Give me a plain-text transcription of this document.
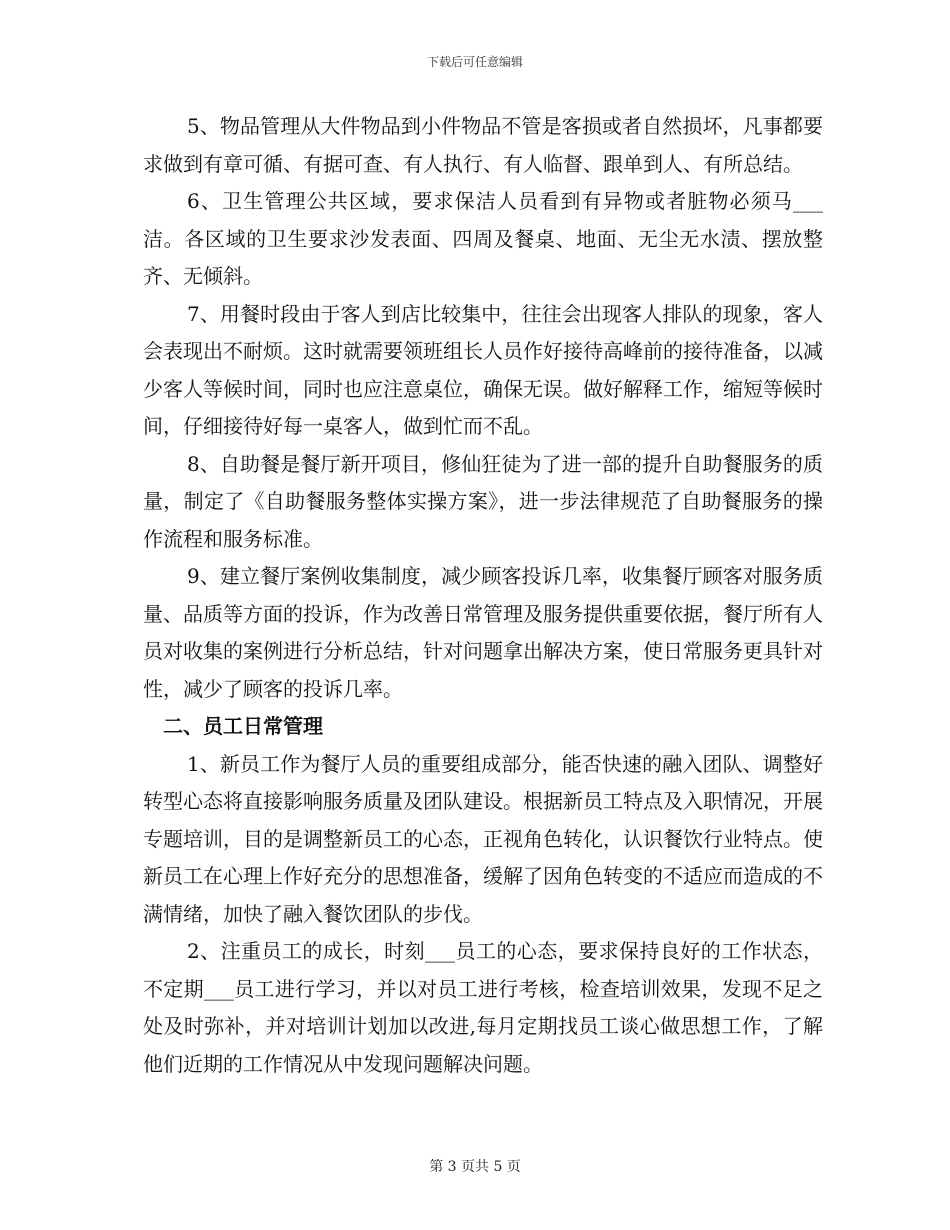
下载后可任意编辑

5、物品管理从大件物品到小件物品不管是客损或者自然损坏，凡事都要求做到有章可循、有据可查、有人执行、有人临督、跟单到人、有所总结。

6、卫生管理公共区域，要求保洁人员看到有异物或者脏物必须马___洁。各区域的卫生要求沙发表面、四周及餐桌、地面、无尘无水渍、摆放整齐、无倾斜。

7、用餐时段由于客人到店比较集中，往往会出现客人排队的现象，客人会表现出不耐烦。这时就需要领班组长人员作好接待高峰前的接待准备，以减少客人等候时间，同时也应注意桌位，确保无误。做好解释工作，缩短等候时间，仔细接待好每一桌客人，做到忙而不乱。

8、自助餐是餐厅新开项目，修仙狂徒为了进一部的提升自助餐服务的质量，制定了《自助餐服务整体实操方案》，进一步法律规范了自助餐服务的操作流程和服务标准。

9、建立餐厅案例收集制度，减少顾客投诉几率，收集餐厅顾客对服务质量、品质等方面的投诉，作为改善日常管理及服务提供重要依据，餐厅所有人员对收集的案例进行分析总结，针对问题拿出解决方案，使日常服务更具针对性，减少了顾客的投诉几率。

二、员工日常管理

1、新员工作为餐厅人员的重要组成部分，能否快速的融入团队、调整好转型心态将直接影响服务质量及团队建设。根据新员工特点及入职情况，开展专题培训，目的是调整新员工的心态，正视角色转化，认识餐饮行业特点。使新员工在心理上作好充分的思想准备，缓解了因角色转变的不适应而造成的不满情绪，加快了融入餐饮团队的步伐。

2、注重员工的成长，时刻___员工的心态，要求保持良好的工作状态，不定期___员工进行学习，并以对员工进行考核，检查培训效果，发现不足之处及时弥补，并对培训计划加以改进,每月定期找员工谈心做思想工作，了解他们近期的工作情况从中发现问题解决问题。

第 3 页共 5 页
